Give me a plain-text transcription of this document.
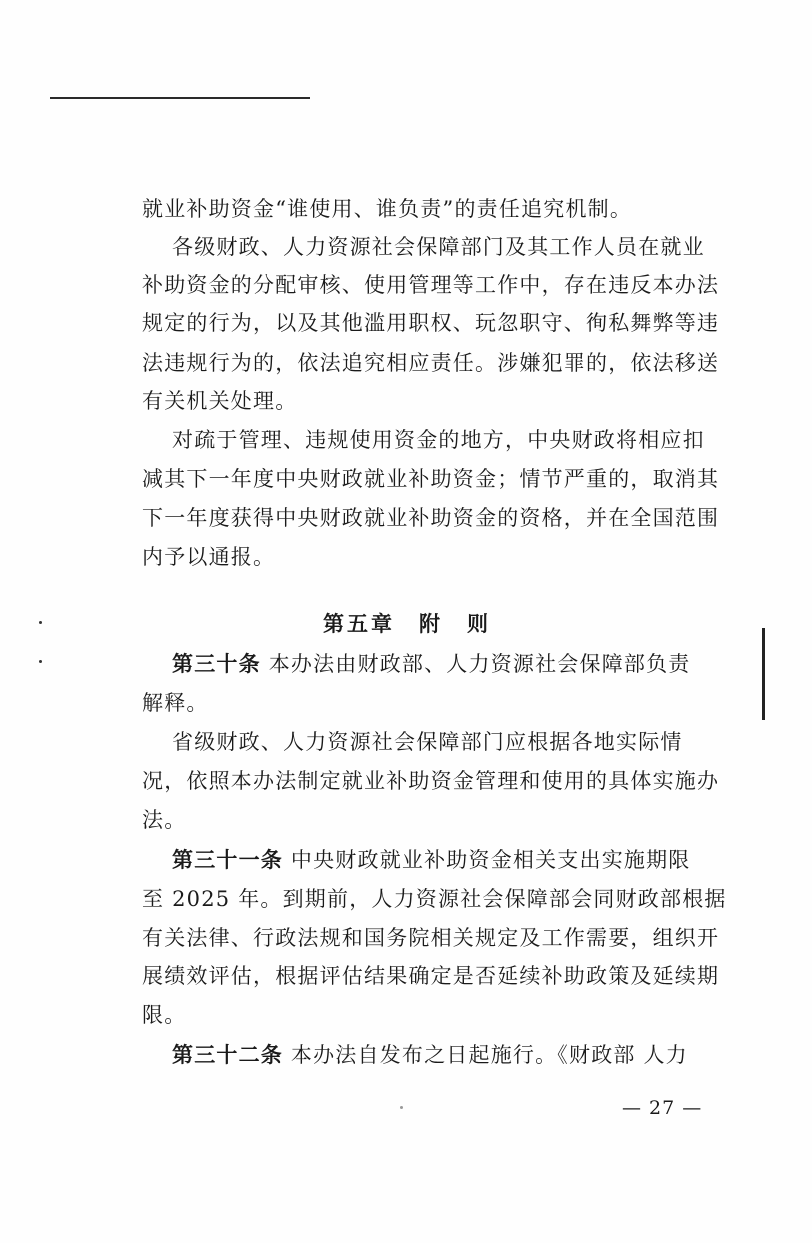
就业补助资金“谁使用、谁负责”的责任追究机制。
各级财政、人力资源社会保障部门及其工作人员在就业
补助资金的分配审核、使用管理等工作中，存在违反本办法
规定的行为，以及其他滥用职权、玩忽职守、徇私舞弊等违
法违规行为的，依法追究相应责任。涉嫌犯罪的，依法移送
有关机关处理。
对疏于管理、违规使用资金的地方，中央财政将相应扣
减其下一年度中央财政就业补助资金；情节严重的，取消其
下一年度获得中央财政就业补助资金的资格，并在全国范围
内予以通报。
第五章　附　则
第三十条 本办法由财政部、人力资源社会保障部负责
解释。
省级财政、人力资源社会保障部门应根据各地实际情
况，依照本办法制定就业补助资金管理和使用的具体实施办
法。
第三十一条 中央财政就业补助资金相关支出实施期限
至 2025 年。到期前，人力资源社会保障部会同财政部根据
有关法律、行政法规和国务院相关规定及工作需要，组织开
展绩效评估，根据评估结果确定是否延续补助政策及延续期
限。
第三十二条 本办法自发布之日起施行。《财政部 人力
— 27 —
